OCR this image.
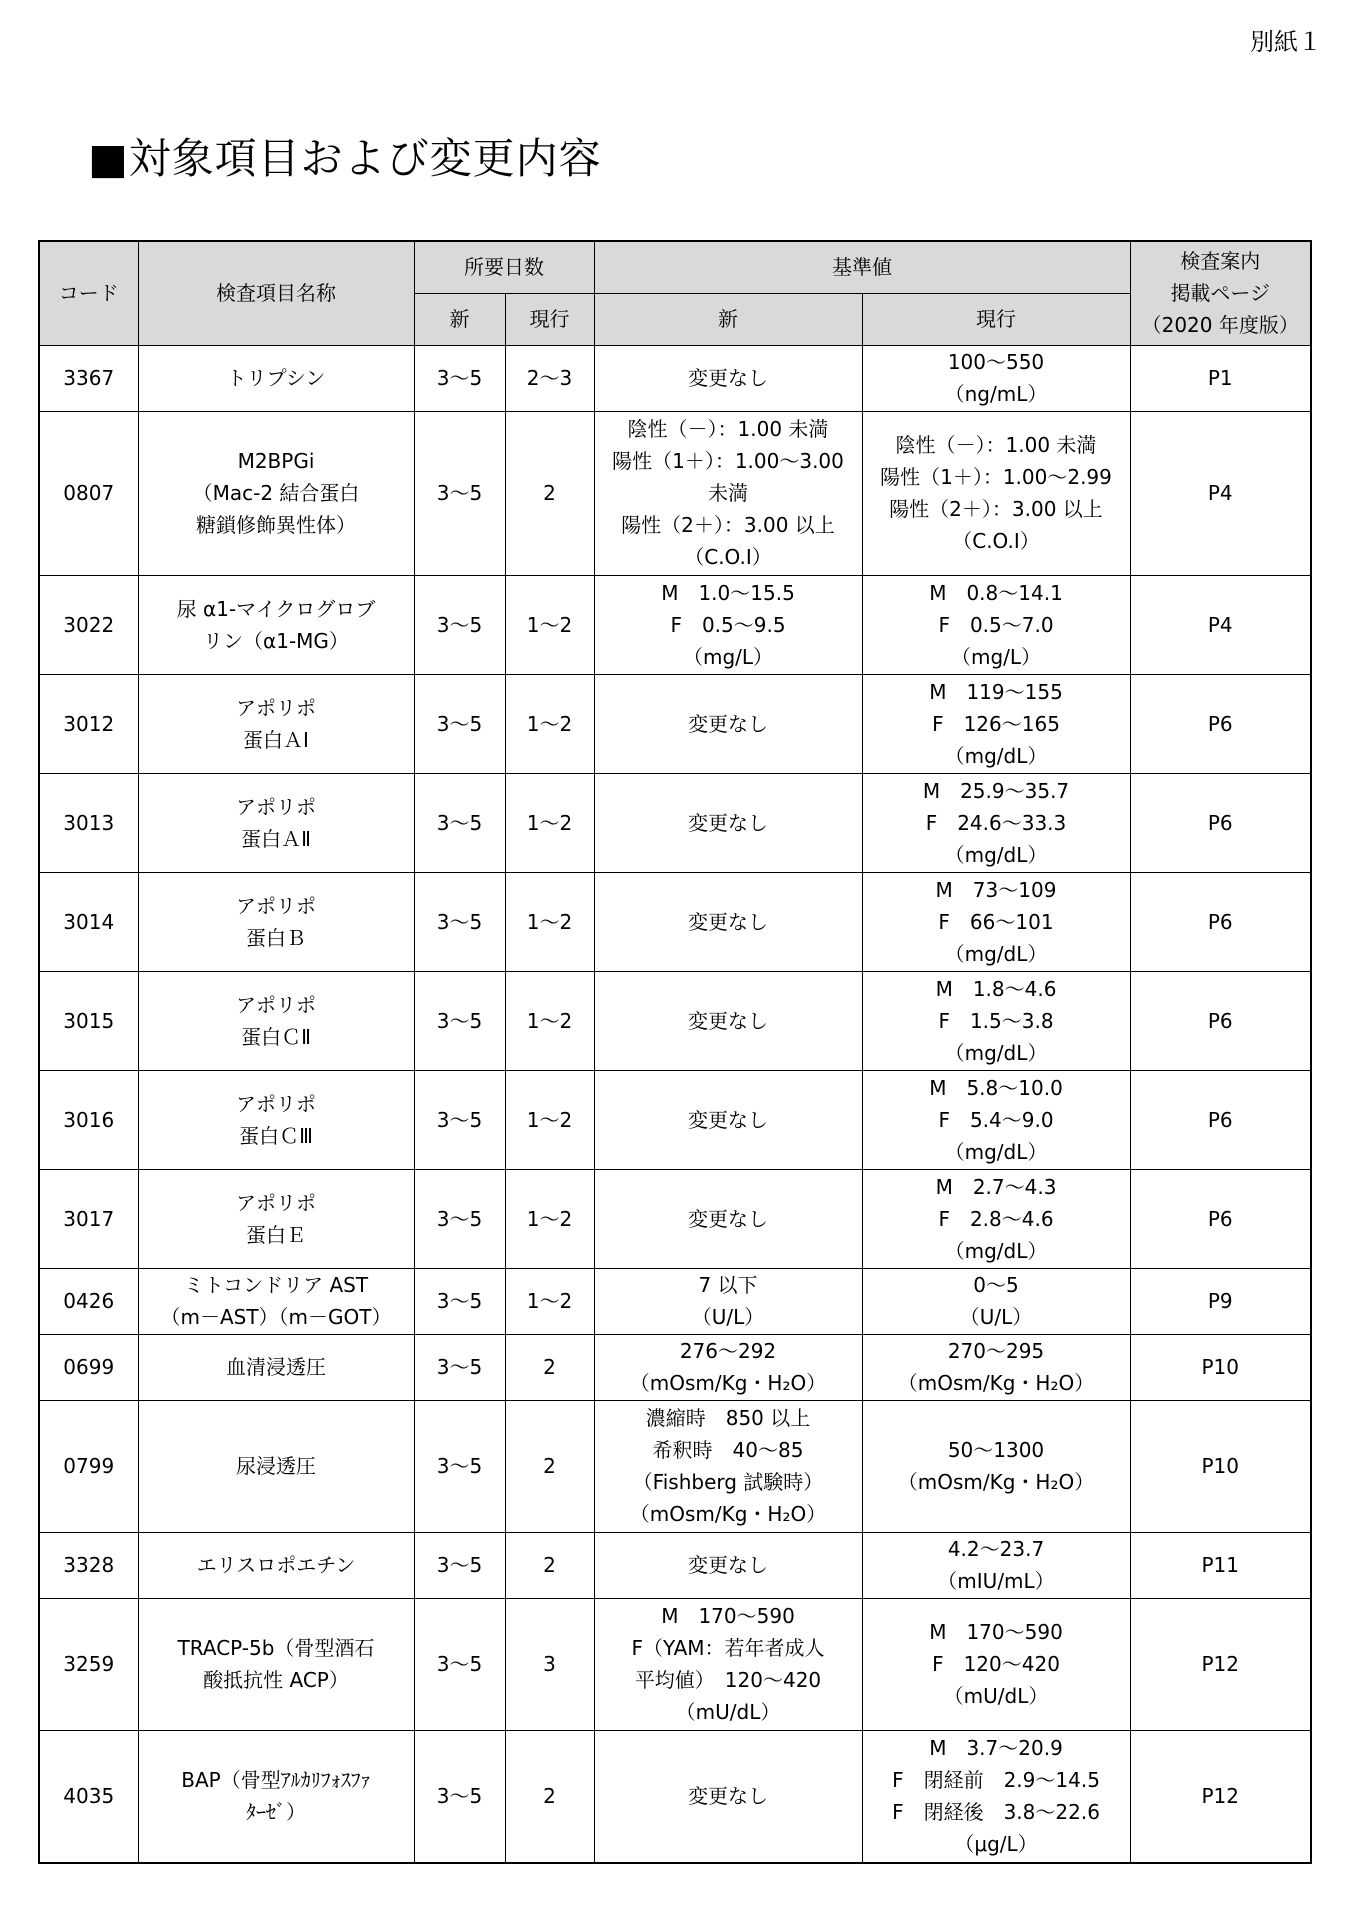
別紙１
■対象項目および変更内容
コード	検査項目名称	所要日数		基準値		検査案内
掲載ページ
（2020 年度版）
		新	現行	新	現行	
3367	トリプシン	3〜5	2〜3	変更なし	100〜550
（ng/mL）	P1
0807	M2BPGi
（Mac-2 結合蛋白
糖鎖修飾異性体）	3〜5	2	陰性（－）：1.00 未満
陽性（1＋）：1.00〜3.00
未満
陽性（2＋）：3.00 以上
（C.O.I）	陰性（－）：1.00 未満
陽性（1＋）：1.00〜2.99
陽性（2＋）：3.00 以上
（C.O.I）	P4
3022	尿 α1-マイクログロブ
リン（α1-MG）	3〜5	1〜2	M　1.0〜15.5
F　0.5〜9.5
（mg/L）	M　0.8〜14.1
F　0.5〜7.0
（mg/L）	P4
3012	アポリポ
蛋白ＡⅠ	3〜5	1〜2	変更なし	M　119〜155
F　126〜165
（mg/dL）	P6
3013	アポリポ
蛋白ＡⅡ	3〜5	1〜2	変更なし	M　25.9〜35.7
F　24.6〜33.3
（mg/dL）	P6
3014	アポリポ
蛋白Ｂ	3〜5	1〜2	変更なし	M　73〜109
F　66〜101
（mg/dL）	P6
3015	アポリポ
蛋白ＣⅡ	3〜5	1〜2	変更なし	M　1.8〜4.6
F　1.5〜3.8
（mg/dL）	P6
3016	アポリポ
蛋白ＣⅢ	3〜5	1〜2	変更なし	M　5.8〜10.0
F　5.4〜9.0
（mg/dL）	P6
3017	アポリポ
蛋白Ｅ	3〜5	1〜2	変更なし	M　2.7〜4.3
F　2.8〜4.6
（mg/dL）	P6
0426	ミトコンドリア AST
（m－AST）（m－GOT）	3〜5	1〜2	7 以下
（U/L）	0〜5
（U/L）	P9
0699	血清浸透圧	3〜5	2	276〜292
（mOsm/Kg・H₂O）	270〜295
（mOsm/Kg・H₂O）	P10
0799	尿浸透圧	3〜5	2	濃縮時　850 以上
希釈時　40〜85
（Fishberg 試験時）
（mOsm/Kg・H₂O）	50〜1300
（mOsm/Kg・H₂O）	P10
3328	エリスロポエチン	3〜5	2	変更なし	4.2〜23.7
（mIU/mL）	P11
3259	TRACP-5b（骨型酒石
酸抵抗性 ACP）	3〜5	3	M　170〜590
F（YAM：若年者成人
平均値）　120〜420
（mU/dL）	M　170〜590
F　120〜420
（mU/dL）	P12
4035	BAP（骨型ｱﾙｶﾘﾌｫｽﾌｧ
ﾀｰｾﾞ）	3〜5	2	変更なし	M　3.7〜20.9
F　閉経前　2.9〜14.5
F　閉経後　3.8〜22.6
（μg/L）	P12
